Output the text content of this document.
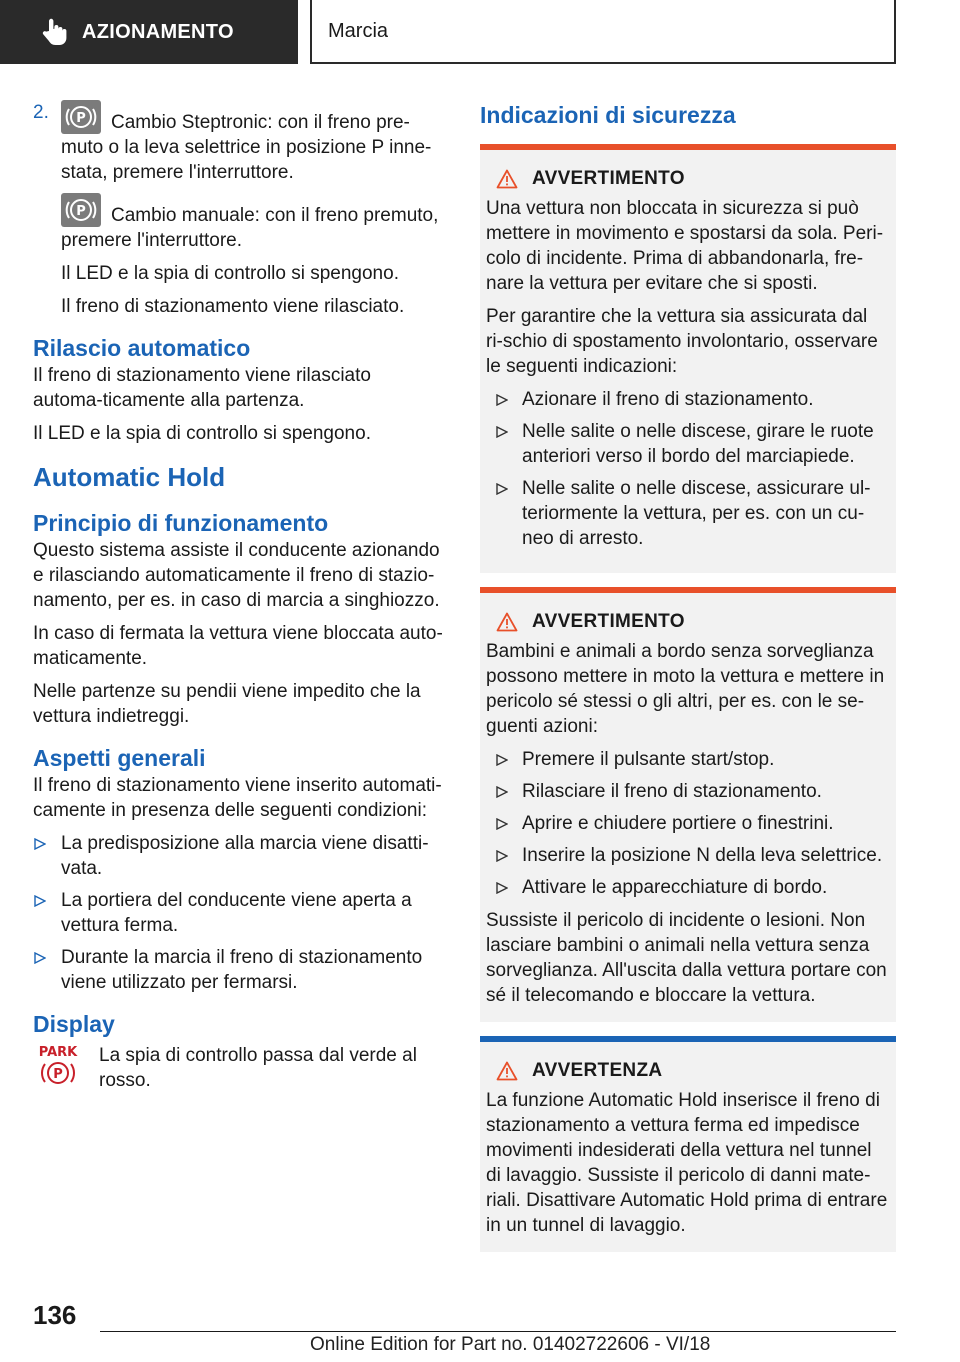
AZIONAMENTO	Marcia
2.	P Cambio Steptronic: con il freno pre-muto o la leva selettrice in posizione P inne-stata, premere l'interruttore.

P Cambio manuale: con il freno premuto, premere l'interruttore.

Il LED e la spia di controllo si spengono.

Il freno di stazionamento viene rilasciato.

Rilascio automatico

Il freno di stazionamento viene rilasciato automa-ticamente alla partenza.

Il LED e la spia di controllo si spengono.

Automatic Hold
Principio di funzionamento

Questo sistema assiste il conducente azionando e rilasciando automaticamente il freno di stazio-namento, per es. in caso di marcia a singhiozzo.

In caso di fermata la vettura viene bloccata auto-maticamente.

Nelle partenze su pendii viene impedito che la vettura indietreggi.

Aspetti generali

Il freno di stazionamento viene inserito automati-camente in presenza delle seguenti condizioni:

La predisposizione alla marcia viene disatti-vata.
La portiera del conducente viene aperta a vettura ferma.
Durante la marcia il freno di stazionamento viene utilizzato per fermarsi.
Display
PARK
P

La spia di controllo passa dal verde al rosso.

Indicazioni di sicurezza
AVVERTIMENTO

Una vettura non bloccata in sicurezza si può mettere in movimento e spostarsi da sola. Peri-colo di incidente. Prima di abbandonarla, fre-nare la vettura per evitare che si sposti.

Per garantire che la vettura sia assicurata dal ri-schio di spostamento involontario, osservare le seguenti indicazioni:

Azionare il freno di stazionamento.
Nelle salite o nelle discese, girare le ruote anteriori verso il bordo del marciapiede.
Nelle salite o nelle discese, assicurare ul-teriormente la vettura, per es. con un cu-neo di arresto.
AVVERTIMENTO

Bambini e animali a bordo senza sorveglianza possono mettere in moto la vettura e mettere in pericolo sé stessi o gli altri, per es. con le se-guenti azioni:

Premere il pulsante start/stop.
Rilasciare il freno di stazionamento.
Aprire e chiudere portiere o finestrini.
Inserire la posizione N della leva selettrice.
Attivare le apparecchiature di bordo.

Sussiste il pericolo di incidente o lesioni. Non lasciare bambini o animali nella vettura senza sorveglianza. All'uscita dalla vettura portare con sé il telecomando e bloccare la vettura.

AVVERTENZA

La funzione Automatic Hold inserisce il freno di stazionamento a vettura ferma ed impedisce movimenti indesiderati della vettura nel tunnel di lavaggio. Sussiste il pericolo di danni mate-riali. Disattivare Automatic Hold prima di entrare in un tunnel di lavaggio.

136
Online Edition for Part no. 01402722606 - VI/18
